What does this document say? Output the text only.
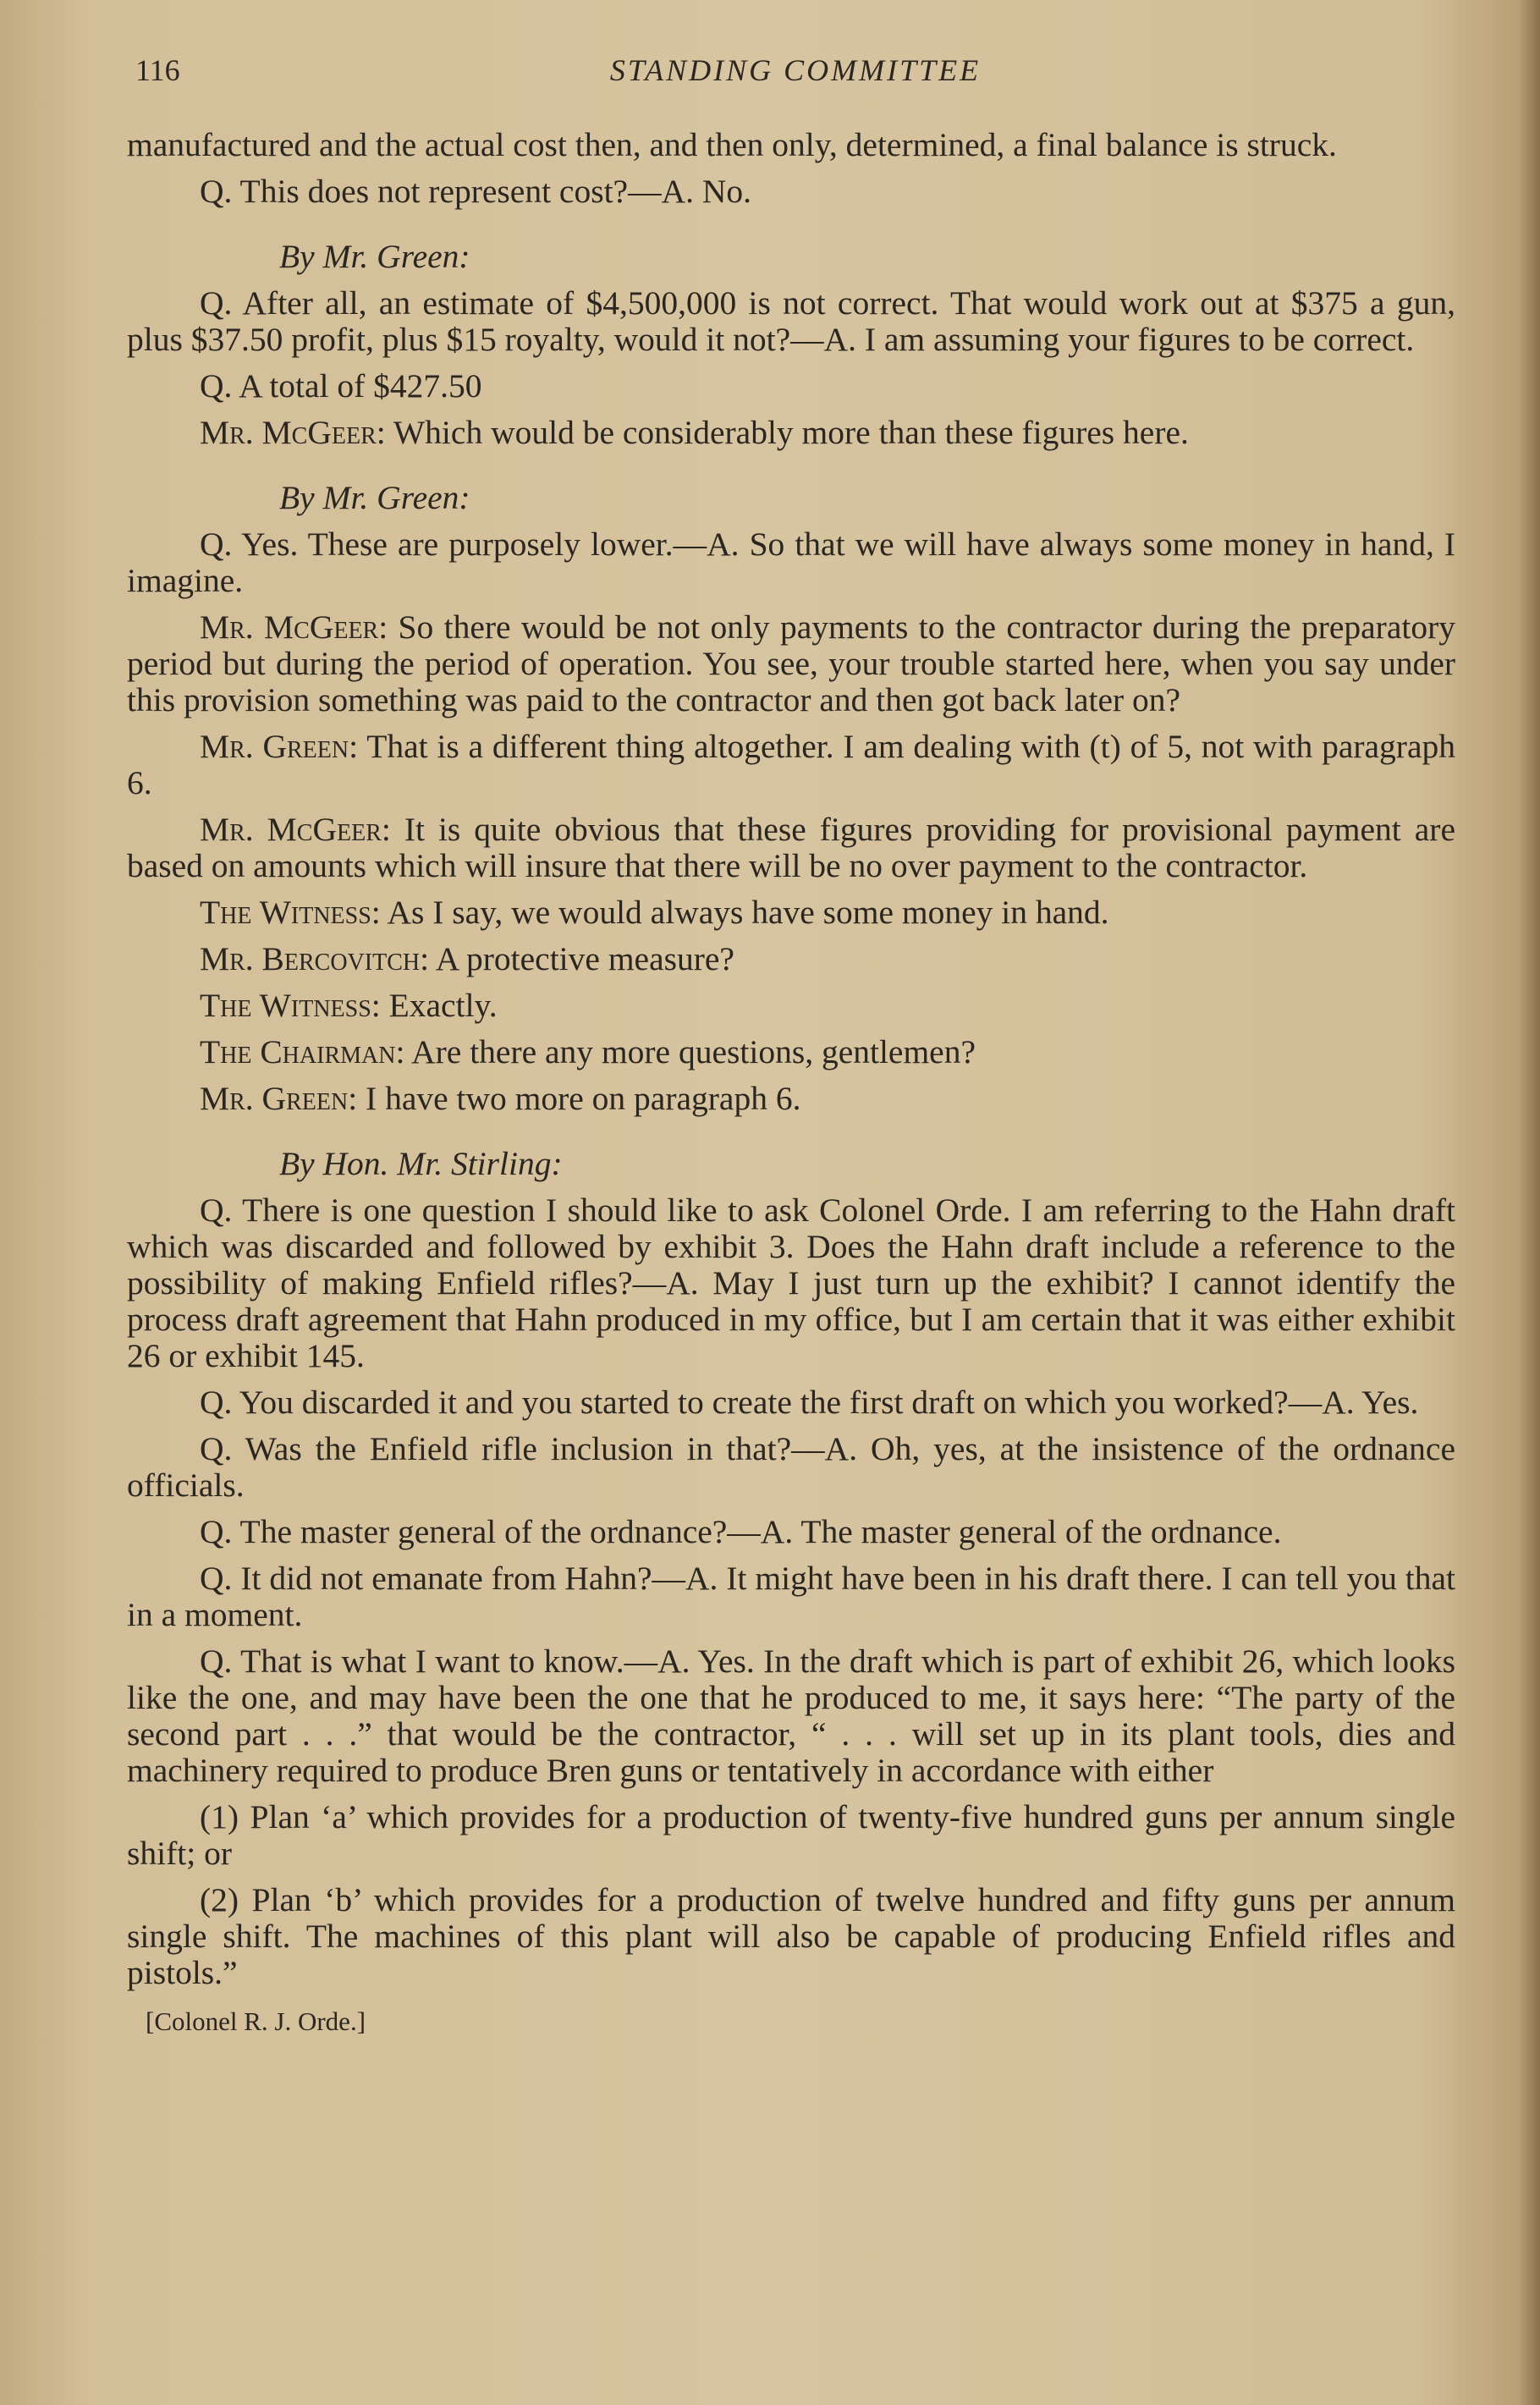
116	STANDING COMMITTEE

manufactured and the actual cost then, and then only, determined, a final balance is struck.

Q. This does not represent cost?—A. No.

By Mr. Green:

Q. After all, an estimate of $4,500,000 is not correct. That would work out at $375 a gun, plus $37.50 profit, plus $15 royalty, would it not?—A. I am assuming your figures to be correct.

Q. A total of $427.50

Mr. McGeer: Which would be considerably more than these figures here.

By Mr. Green:

Q. Yes. These are purposely lower.—A. So that we will have always some money in hand, I imagine.

Mr. McGeer: So there would be not only payments to the contractor during the preparatory period but during the period of operation. You see, your trouble started here, when you say under this provision something was paid to the contractor and then got back later on?

Mr. Green: That is a different thing altogether. I am dealing with (t) of 5, not with paragraph 6.

Mr. McGeer: It is quite obvious that these figures providing for provisional payment are based on amounts which will insure that there will be no over payment to the contractor.

The Witness: As I say, we would always have some money in hand.

Mr. Bercovitch: A protective measure?

The Witness: Exactly.

The Chairman: Are there any more questions, gentlemen?

Mr. Green: I have two more on paragraph 6.

By Hon. Mr. Stirling:

Q. There is one question I should like to ask Colonel Orde. I am referring to the Hahn draft which was discarded and followed by exhibit 3. Does the Hahn draft include a reference to the possibility of making Enfield rifles?—A. May I just turn up the exhibit? I cannot identify the process draft agreement that Hahn produced in my office, but I am certain that it was either exhibit 26 or exhibit 145.

Q. You discarded it and you started to create the first draft on which you worked?—A. Yes.

Q. Was the Enfield rifle inclusion in that?—A. Oh, yes, at the insistence of the ordnance officials.

Q. The master general of the ordnance?—A. The master general of the ordnance.

Q. It did not emanate from Hahn?—A. It might have been in his draft there. I can tell you that in a moment.

Q. That is what I want to know.—A. Yes. In the draft which is part of exhibit 26, which looks like the one, and may have been the one that he produced to me, it says here: “The party of the second part . . .” that would be the contractor, “ . . . will set up in its plant tools, dies and machinery required to produce Bren guns or tentatively in accordance with either

(1) Plan ‘a’ which provides for a production of twenty-five hundred guns per annum single shift; or

(2) Plan ‘b’ which provides for a production of twelve hundred and fifty guns per annum single shift. The machines of this plant will also be capable of producing Enfield rifles and pistols.”

[Colonel R. J. Orde.]
